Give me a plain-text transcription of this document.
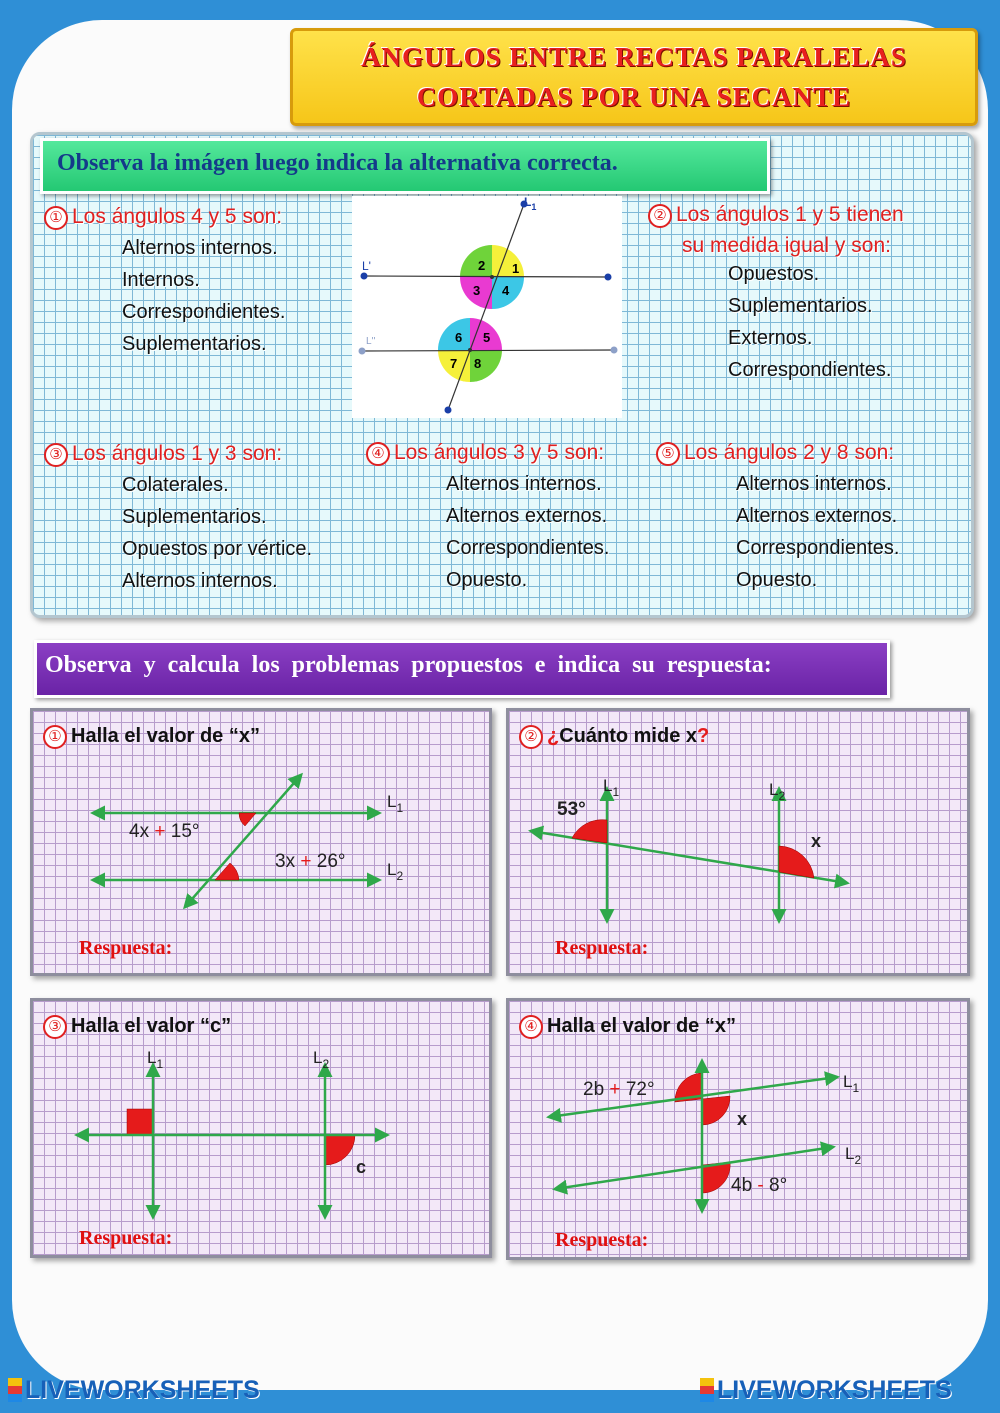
ÁNGULOS ENTRE RECTAS PARALELAS
CORTADAS POR UNA SECANTE
Observa la imágen luego indica la alternativa correcta.
$L_1$
L'
L''
2 1
3 4
6 5
7 8
① Los ángulos 4 y 5 son:
Alternos internos.
Internos.
Correspondientes.
Suplementarios.
② Los ángulos 1 y 5 tienen
su medida igual y son:
Opuestos.
Suplementarios.
Externos.
Correspondientes.
③ Los ángulos 1 y 3 son:
Colaterales.
Suplementarios.
Opuestos por vértice.
Alternos internos.
④ Los ángulos 3 y 5 son:
Alternos internos.
Alternos externos.
Correspondientes.
Opuesto.
⑤ Los ángulos 2 y 8 son:
Alternos internos.
Alternos externos.
Correspondientes.
Opuesto.
Observa y calcula los problemas propuestos e indica su respuesta:
① Halla el valor de “x”
4x + 15°
3x + 26°
$L_1$
$L_2$
Respuesta:
② ¿Cuánto mide x?
53°
x
$L_1$	$L_2$
Respuesta:
③ Halla el valor “c”
c
$L_1$	$L_2$
Respuesta:
④ Halla el valor de “x”
2b + 72°
x
4b - 8°
$L_1$
$L_2$
Respuesta:
LIVEWORKSHEETS	LIVEWORKSHEETS
